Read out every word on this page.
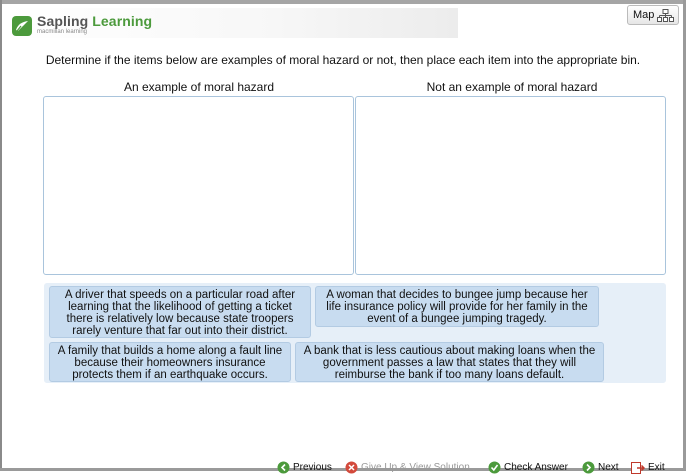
Sapling Learning
macmillan learning
Map
Determine if the items below are examples of moral hazard or not, then place each item into the appropriate bin.
An example of moral hazard	Not an example of moral hazard
A driver that speeds on a particular road after learning that the likelihood of getting a ticket there is relatively low because state troopers rarely venture that far out into their district.
A woman that decides to bungee jump because her life insurance policy will provide for her family in the event of a bungee jumping tragedy.
A family that builds a home along a fault line because their homeowners insurance protects them if an earthquake occurs.
A bank that is less cautious about making loans when the government passes a law that states that they will reimburse the bank if too many loans default.
Previous	Give Up & View Solution	Check Answer	Next	Exit
